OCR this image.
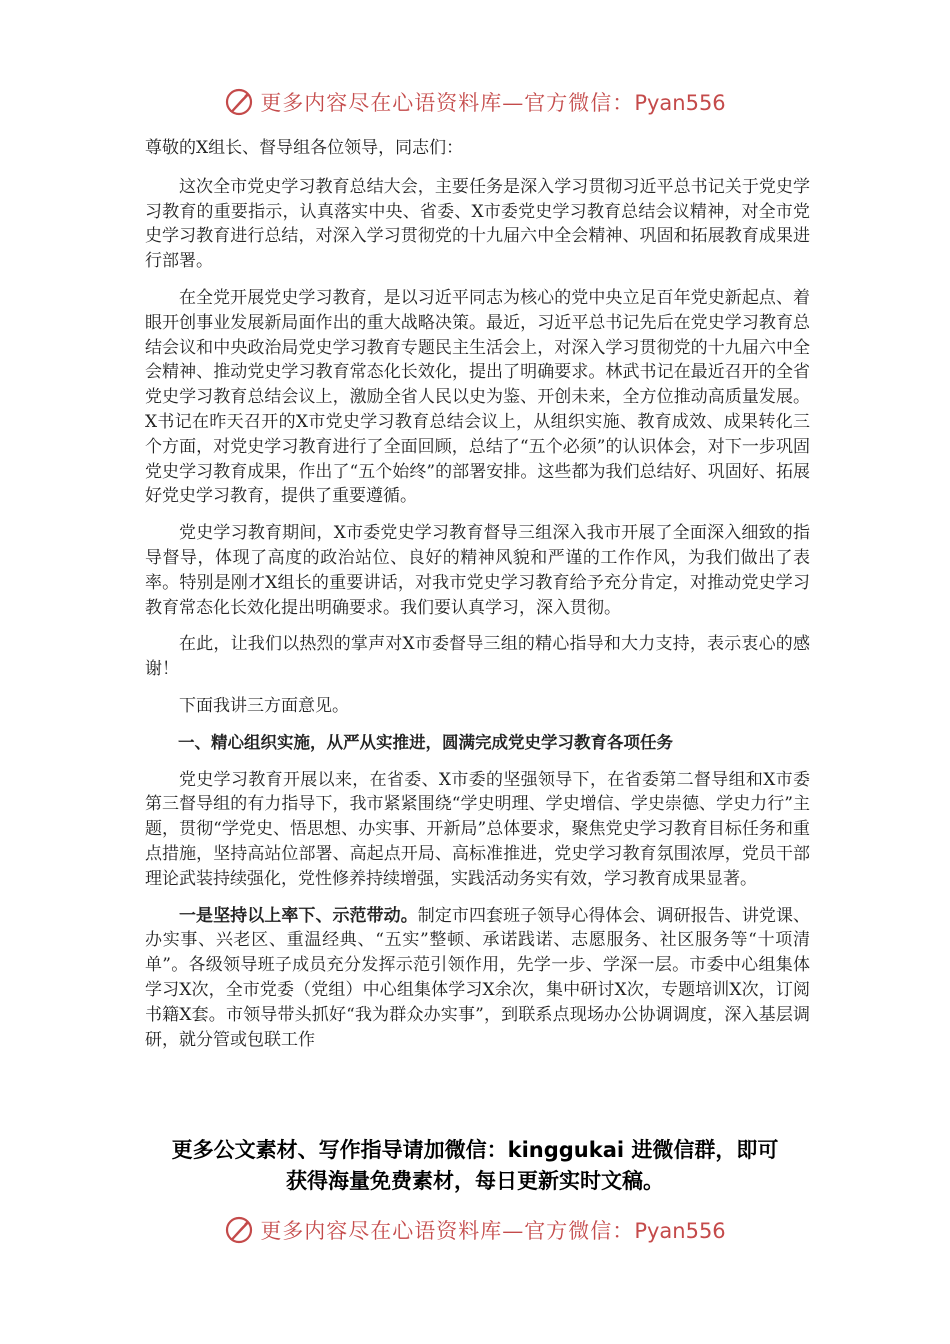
更多内容尽在心语资料库—官方微信：Pyan556

尊敬的X组长、督导组各位领导，同志们：

这次全市党史学习教育总结大会，主要任务是深入学习贯彻习近平总书记关于党史学习教育的重要指示，认真落实中央、省委、X市委党史学习教育总结会议精神，对全市党史学习教育进行总结，对深入学习贯彻党的十九届六中全会精神、巩固和拓展教育成果进行部署。

在全党开展党史学习教育，是以习近平同志为核心的党中央立足百年党史新起点、着眼开创事业发展新局面作出的重大战略决策。最近，习近平总书记先后在党史学习教育总结会议和中央政治局党史学习教育专题民主生活会上，对深入学习贯彻党的十九届六中全会精神、推动党史学习教育常态化长效化，提出了明确要求。林武书记在最近召开的全省党史学习教育总结会议上，激励全省人民以史为鉴、开创未来，全方位推动高质量发展。X书记在昨天召开的X市党史学习教育总结会议上，从组织实施、教育成效、成果转化三个方面，对党史学习教育进行了全面回顾，总结了“五个必须”的认识体会，对下一步巩固党史学习教育成果，作出了“五个始终”的部署安排。这些都为我们总结好、巩固好、拓展好党史学习教育，提供了重要遵循。

党史学习教育期间，X市委党史学习教育督导三组深入我市开展了全面深入细致的指导督导，体现了高度的政治站位、良好的精神风貌和严谨的工作作风，为我们做出了表率。特别是刚才X组长的重要讲话，对我市党史学习教育给予充分肯定，对推动党史学习教育常态化长效化提出明确要求。我们要认真学习，深入贯彻。

在此，让我们以热烈的掌声对X市委督导三组的精心指导和大力支持，表示衷心的感谢！

下面我讲三方面意见。

一、精心组织实施，从严从实推进，圆满完成党史学习教育各项任务

党史学习教育开展以来，在省委、X市委的坚强领导下，在省委第二督导组和X市委第三督导组的有力指导下，我市紧紧围绕“学史明理、学史增信、学史崇德、学史力行”主题，贯彻“学党史、悟思想、办实事、开新局”总体要求，聚焦党史学习教育目标任务和重点措施，坚持高站位部署、高起点开局、高标准推进，党史学习教育氛围浓厚，党员干部理论武装持续强化，党性修养持续增强，实践活动务实有效，学习教育成果显著。

一是坚持以上率下、示范带动。制定市四套班子领导心得体会、调研报告、讲党课、办实事、兴老区、重温经典、“五实”整顿、承诺践诺、志愿服务、社区服务等“十项清单”。各级领导班子成员充分发挥示范引领作用，先学一步、学深一层。市委中心组集体学习X次，全市党委（党组）中心组集体学习X余次，集中研讨X次，专题培训X次，订阅书籍X套。市领导带头抓好“我为群众办实事”，到联系点现场办公协调调度，深入基层调研，就分管或包联工作

更多公文素材、写作指导请加微信：kinggukai 进微信群，即可
获得海量免费素材，每日更新实时文稿。
更多内容尽在心语资料库—官方微信：Pyan556
